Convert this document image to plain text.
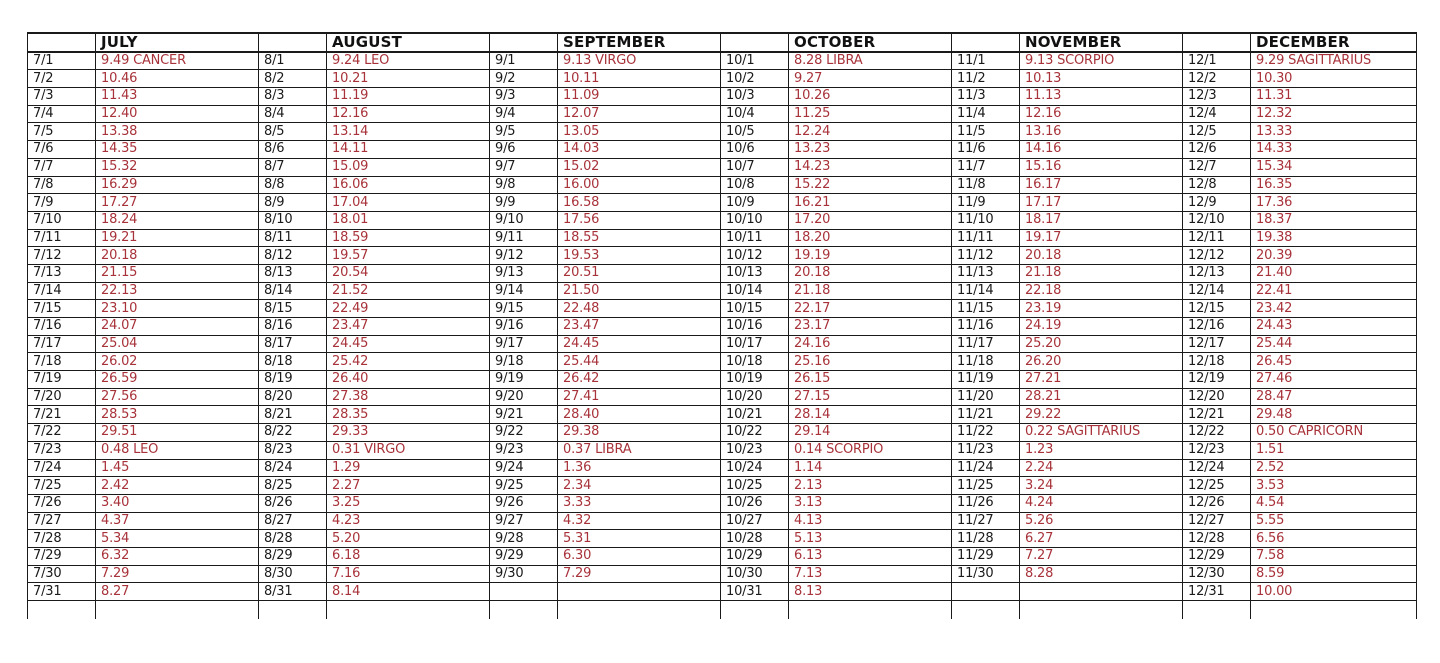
	JULY		AUGUST		SEPTEMBER		OCTOBER		NOVEMBER		DECEMBER
7/1	9.49 CANCER	8/1	9.24 LEO	9/1	9.13 VIRGO	10/1	8.28 LIBRA	11/1	9.13 SCORPIO	12/1	9.29 SAGITTARIUS
7/2	10.46	8/2	10.21	9/2	10.11	10/2	9.27	11/2	10.13	12/2	10.30
7/3	11.43	8/3	11.19	9/3	11.09	10/3	10.26	11/3	11.13	12/3	11.31
7/4	12.40	8/4	12.16	9/4	12.07	10/4	11.25	11/4	12.16	12/4	12.32
7/5	13.38	8/5	13.14	9/5	13.05	10/5	12.24	11/5	13.16	12/5	13.33
7/6	14.35	8/6	14.11	9/6	14.03	10/6	13.23	11/6	14.16	12/6	14.33
7/7	15.32	8/7	15.09	9/7	15.02	10/7	14.23	11/7	15.16	12/7	15.34
7/8	16.29	8/8	16.06	9/8	16.00	10/8	15.22	11/8	16.17	12/8	16.35
7/9	17.27	8/9	17.04	9/9	16.58	10/9	16.21	11/9	17.17	12/9	17.36
7/10	18.24	8/10	18.01	9/10	17.56	10/10	17.20	11/10	18.17	12/10	18.37
7/11	19.21	8/11	18.59	9/11	18.55	10/11	18.20	11/11	19.17	12/11	19.38
7/12	20.18	8/12	19.57	9/12	19.53	10/12	19.19	11/12	20.18	12/12	20.39
7/13	21.15	8/13	20.54	9/13	20.51	10/13	20.18	11/13	21.18	12/13	21.40
7/14	22.13	8/14	21.52	9/14	21.50	10/14	21.18	11/14	22.18	12/14	22.41
7/15	23.10	8/15	22.49	9/15	22.48	10/15	22.17	11/15	23.19	12/15	23.42
7/16	24.07	8/16	23.47	9/16	23.47	10/16	23.17	11/16	24.19	12/16	24.43
7/17	25.04	8/17	24.45	9/17	24.45	10/17	24.16	11/17	25.20	12/17	25.44
7/18	26.02	8/18	25.42	9/18	25.44	10/18	25.16	11/18	26.20	12/18	26.45
7/19	26.59	8/19	26.40	9/19	26.42	10/19	26.15	11/19	27.21	12/19	27.46
7/20	27.56	8/20	27.38	9/20	27.41	10/20	27.15	11/20	28.21	12/20	28.47
7/21	28.53	8/21	28.35	9/21	28.40	10/21	28.14	11/21	29.22	12/21	29.48
7/22	29.51	8/22	29.33	9/22	29.38	10/22	29.14	11/22	0.22 SAGITTARIUS	12/22	0.50 CAPRICORN
7/23	0.48 LEO	8/23	0.31 VIRGO	9/23	0.37 LIBRA	10/23	0.14 SCORPIO	11/23	1.23	12/23	1.51
7/24	1.45	8/24	1.29	9/24	1.36	10/24	1.14	11/24	2.24	12/24	2.52
7/25	2.42	8/25	2.27	9/25	2.34	10/25	2.13	11/25	3.24	12/25	3.53
7/26	3.40	8/26	3.25	9/26	3.33	10/26	3.13	11/26	4.24	12/26	4.54
7/27	4.37	8/27	4.23	9/27	4.32	10/27	4.13	11/27	5.26	12/27	5.55
7/28	5.34	8/28	5.20	9/28	5.31	10/28	5.13	11/28	6.27	12/28	6.56
7/29	6.32	8/29	6.18	9/29	6.30	10/29	6.13	11/29	7.27	12/29	7.58
7/30	7.29	8/30	7.16	9/30	7.29	10/30	7.13	11/30	8.28	12/30	8.59
7/31	8.27	8/31	8.14			10/31	8.13			12/31	10.00
